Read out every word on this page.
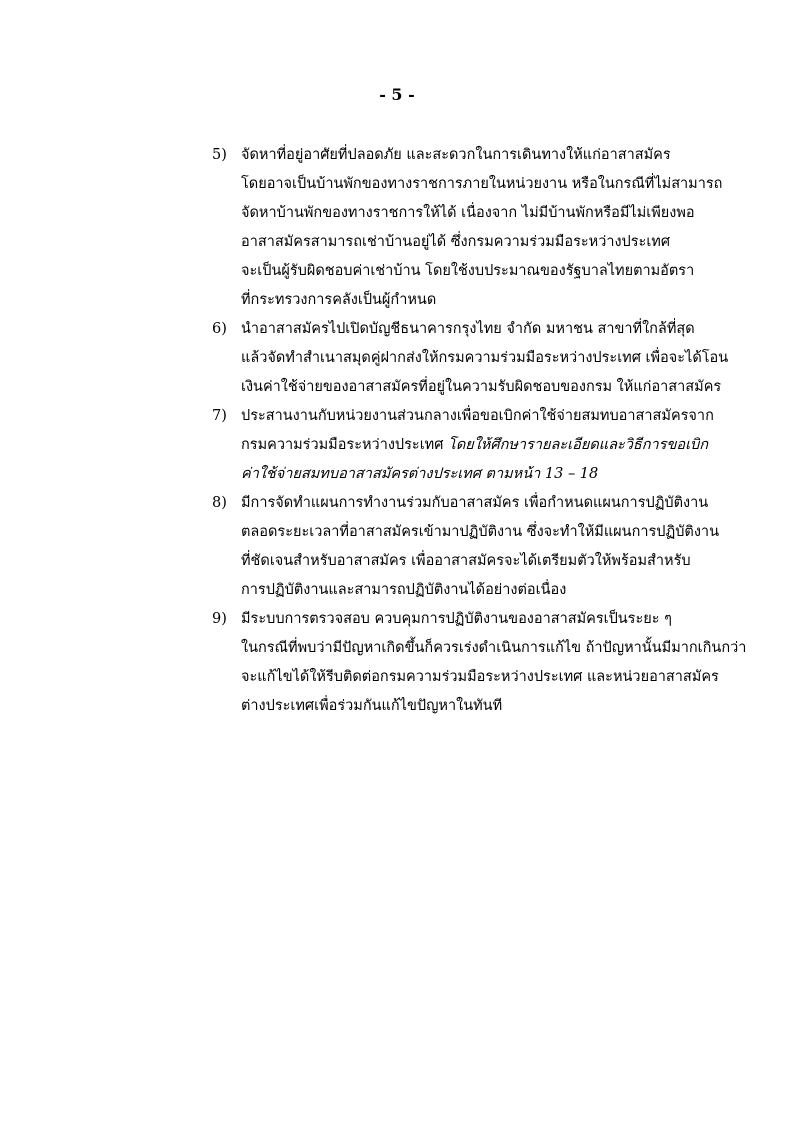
- 5 -
5) จัดหาที่อยู่อาศัยที่ปลอดภัย และสะดวกในการเดินทางให้แก่อาสาสมัคร
โดยอาจเป็นบ้านพักของทางราชการภายในหน่วยงาน หรือในกรณีที่ไม่สามารถ
จัดหาบ้านพักของทางราชการให้ได้ เนื่องจาก ไม่มีบ้านพักหรือมีไม่เพียงพอ
อาสาสมัครสามารถเช่าบ้านอยู่ได้ ซึ่งกรมความร่วมมือระหว่างประเทศ
จะเป็นผู้รับผิดชอบค่าเช่าบ้าน โดยใช้งบประมาณของรัฐบาลไทยตามอัตรา
ที่กระทรวงการคลังเป็นผู้กำหนด
6) นำอาสาสมัครไปเปิดบัญชีธนาคารกรุงไทย จำกัด มหาชน สาขาที่ใกล้ที่สุด
แล้วจัดทำสำเนาสมุดคู่ฝากส่งให้กรมความร่วมมือระหว่างประเทศ เพื่อจะได้โอน
เงินค่าใช้จ่ายของอาสาสมัครที่อยู่ในความรับผิดชอบของกรม ให้แก่อาสาสมัคร
7) ประสานงานกับหน่วยงานส่วนกลางเพื่อขอเบิกค่าใช้จ่ายสมทบอาสาสมัครจาก
กรมความร่วมมือระหว่างประเทศ โดยให้ศึกษารายละเอียดและวิธีการขอเบิก
ค่าใช้จ่ายสมทบอาสาสมัครต่างประเทศ ตามหน้า 13 – 18
8) มีการจัดทำแผนการทำงานร่วมกับอาสาสมัคร เพื่อกำหนดแผนการปฏิบัติงาน
ตลอดระยะเวลาที่อาสาสมัครเข้ามาปฏิบัติงาน ซึ่งจะทำให้มีแผนการปฏิบัติงาน
ที่ชัดเจนสำหรับอาสาสมัคร เพื่ออาสาสมัครจะได้เตรียมตัวให้พร้อมสำหรับ
การปฏิบัติงานและสามารถปฏิบัติงานได้อย่างต่อเนื่อง
9) มีระบบการตรวจสอบ ควบคุมการปฏิบัติงานของอาสาสมัครเป็นระยะ ๆ
ในกรณีที่พบว่ามีปัญหาเกิดขึ้นก็ควรเร่งดำเนินการแก้ไข ถ้าปัญหานั้นมีมากเกินกว่า
จะแก้ไขได้ให้รีบติดต่อกรมความร่วมมือระหว่างประเทศ และหน่วยอาสาสมัคร
ต่างประเทศเพื่อร่วมกันแก้ไขปัญหาในทันที
